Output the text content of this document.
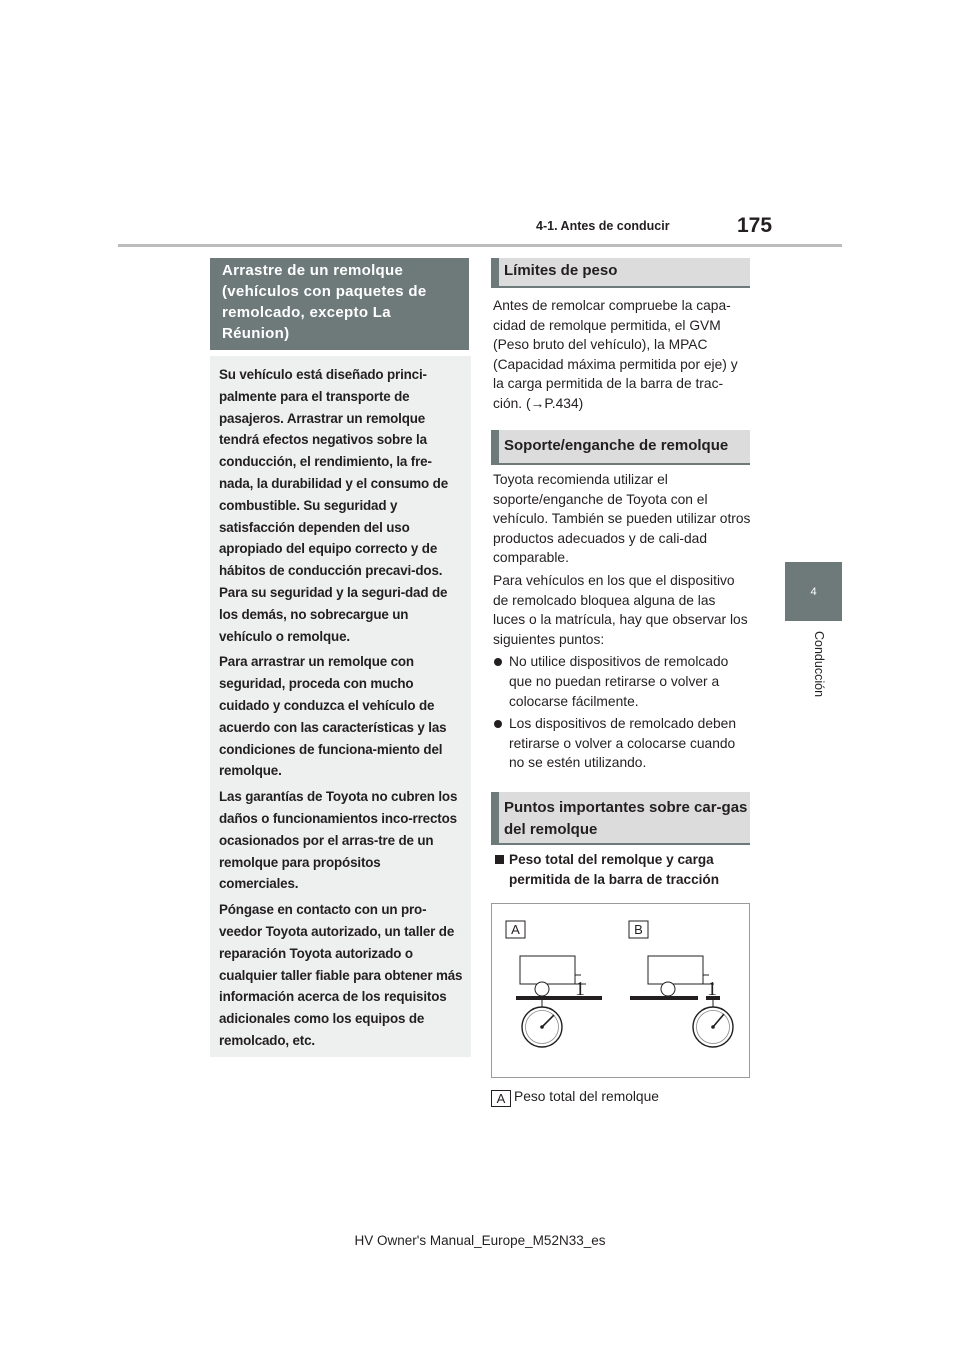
4-1. Antes de conducir	175
4
Conducción
Arrastre de un remolque (vehículos con paquetes de remolcado, excepto La Réunion)

Su vehículo está diseñado princi-palmente para el transporte de pasajeros. Arrastrar un remolque tendrá efectos negativos sobre la conducción, el rendimiento, la fre-nada, la durabilidad y el consumo de combustible. Su seguridad y satisfacción dependen del uso apropiado del equipo correcto y de hábitos de conducción precavi-dos. Para su seguridad y la seguri-dad de los demás, no sobrecargue un vehículo o remolque.

Para arrastrar un remolque con seguridad, proceda con mucho cuidado y conduzca el vehículo de acuerdo con las características y las condiciones de funciona-miento del remolque.

Las garantías de Toyota no cubren los daños o funcionamientos inco-rrectos ocasionados por el arras-tre de un remolque para propósitos comerciales.

Póngase en contacto con un pro-veedor Toyota autorizado, un taller de reparación Toyota autorizado o cualquier taller fiable para obtener más información acerca de los requisitos adicionales como los equipos de remolcado, etc.

Límites de peso
Antes de remolcar compruebe la capa-cidad de remolque permitida, el GVM (Peso bruto del vehículo), la MPAC (Capacidad máxima permitida por eje) y la carga permitida de la barra de trac-ción. (→P.434)
Soporte/enganche de remolque

Toyota recomienda utilizar el soporte/enganche de Toyota con el vehículo. También se pueden utilizar otros productos adecuados y de cali-dad comparable.

Para vehículos en los que el dispositivo de remolcado bloquea alguna de las luces o la matrícula, hay que observar los siguientes puntos:

No utilice dispositivos de remolcado que no puedan retirarse o volver a colocarse fácilmente.

Los dispositivos de remolcado deben retirarse o volver a colocarse cuando no se estén utilizando.

Puntos importantes sobre car-gas del remolque
Peso total del remolque y carga permitida de la barra de tracción
A	B
1	1
A Peso total del remolque
HV Owner's Manual_Europe_M52N33_es
